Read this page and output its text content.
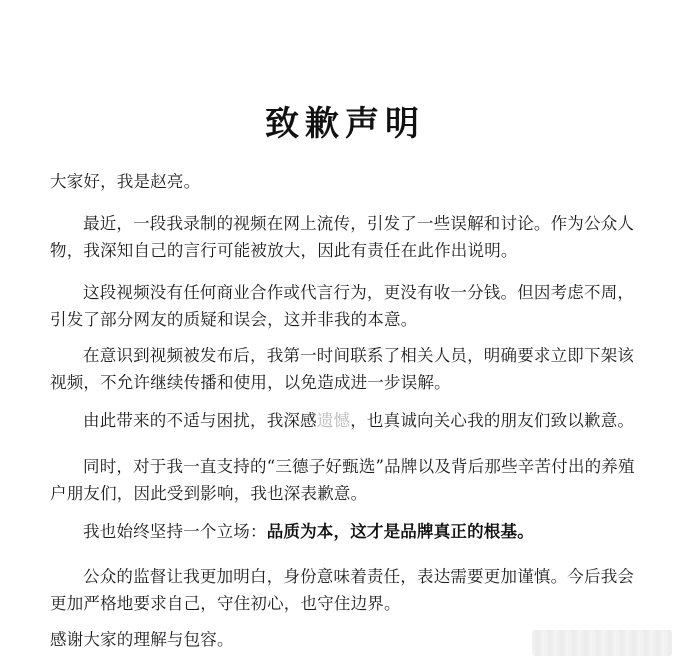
致歉声明

大家好，我是赵亮。

最近，一段我录制的视频在网上流传，引发了一些误解和讨论。作为公众人物，我深知自己的言行可能被放大，因此有责任在此作出说明。

这段视频没有任何商业合作或代言行为，更没有收一分钱。但因考虑不周，引发了部分网友的质疑和误会，这并非我的本意。

在意识到视频被发布后，我第一时间联系了相关人员，明确要求立即下架该视频，不允许继续传播和使用，以免造成进一步误解。

由此带来的不适与困扰，我深感遗憾，也真诚向关心我的朋友们致以歉意。

同时，对于我一直支持的“三德子好甄选”品牌以及背后那些辛苦付出的养殖户朋友们，因此受到影响，我也深表歉意。

我也始终坚持一个立场：品质为本，这才是品牌真正的根基。

公众的监督让我更加明白，身份意味着责任，表达需要更加谨慎。今后我会更加严格地要求自己，守住初心，也守住边界。

感谢大家的理解与包容。
